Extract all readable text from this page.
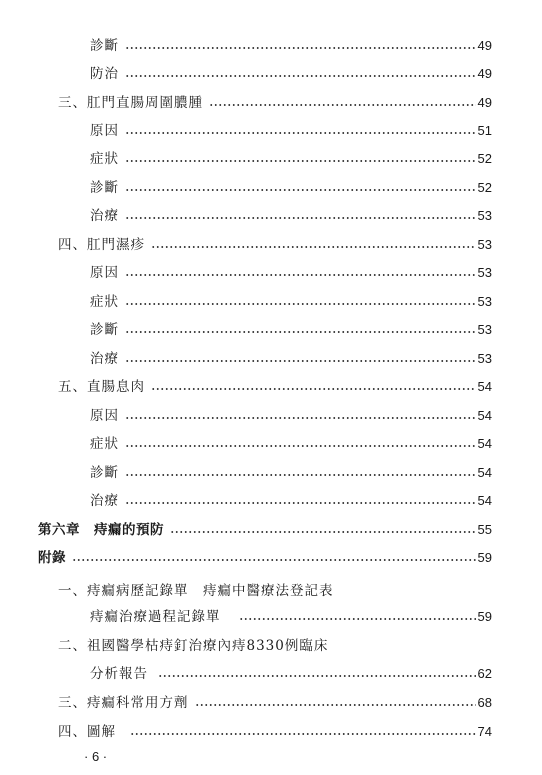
診斷	49
防治	49
三、肛門直腸周圍膿腫	49
原因	51
症狀	52
診斷	52
治療	53
四、肛門濕疹	53
原因	53
症狀	53
診斷	53
治療	53
五、直腸息肉	54
原因	54
症狀	54
診斷	54
治療	54
第六章　痔瘺的預防	55
附錄	59
一、痔瘺病歷記錄單　痔瘺中醫療法登記表
痔瘺治療過程記錄單	59
二、祖國醫學枯痔釘治療內痔8330例臨床
分析報告	62
三、痔瘺科常用方劑	68
四、圖解	74
· 6 ·
